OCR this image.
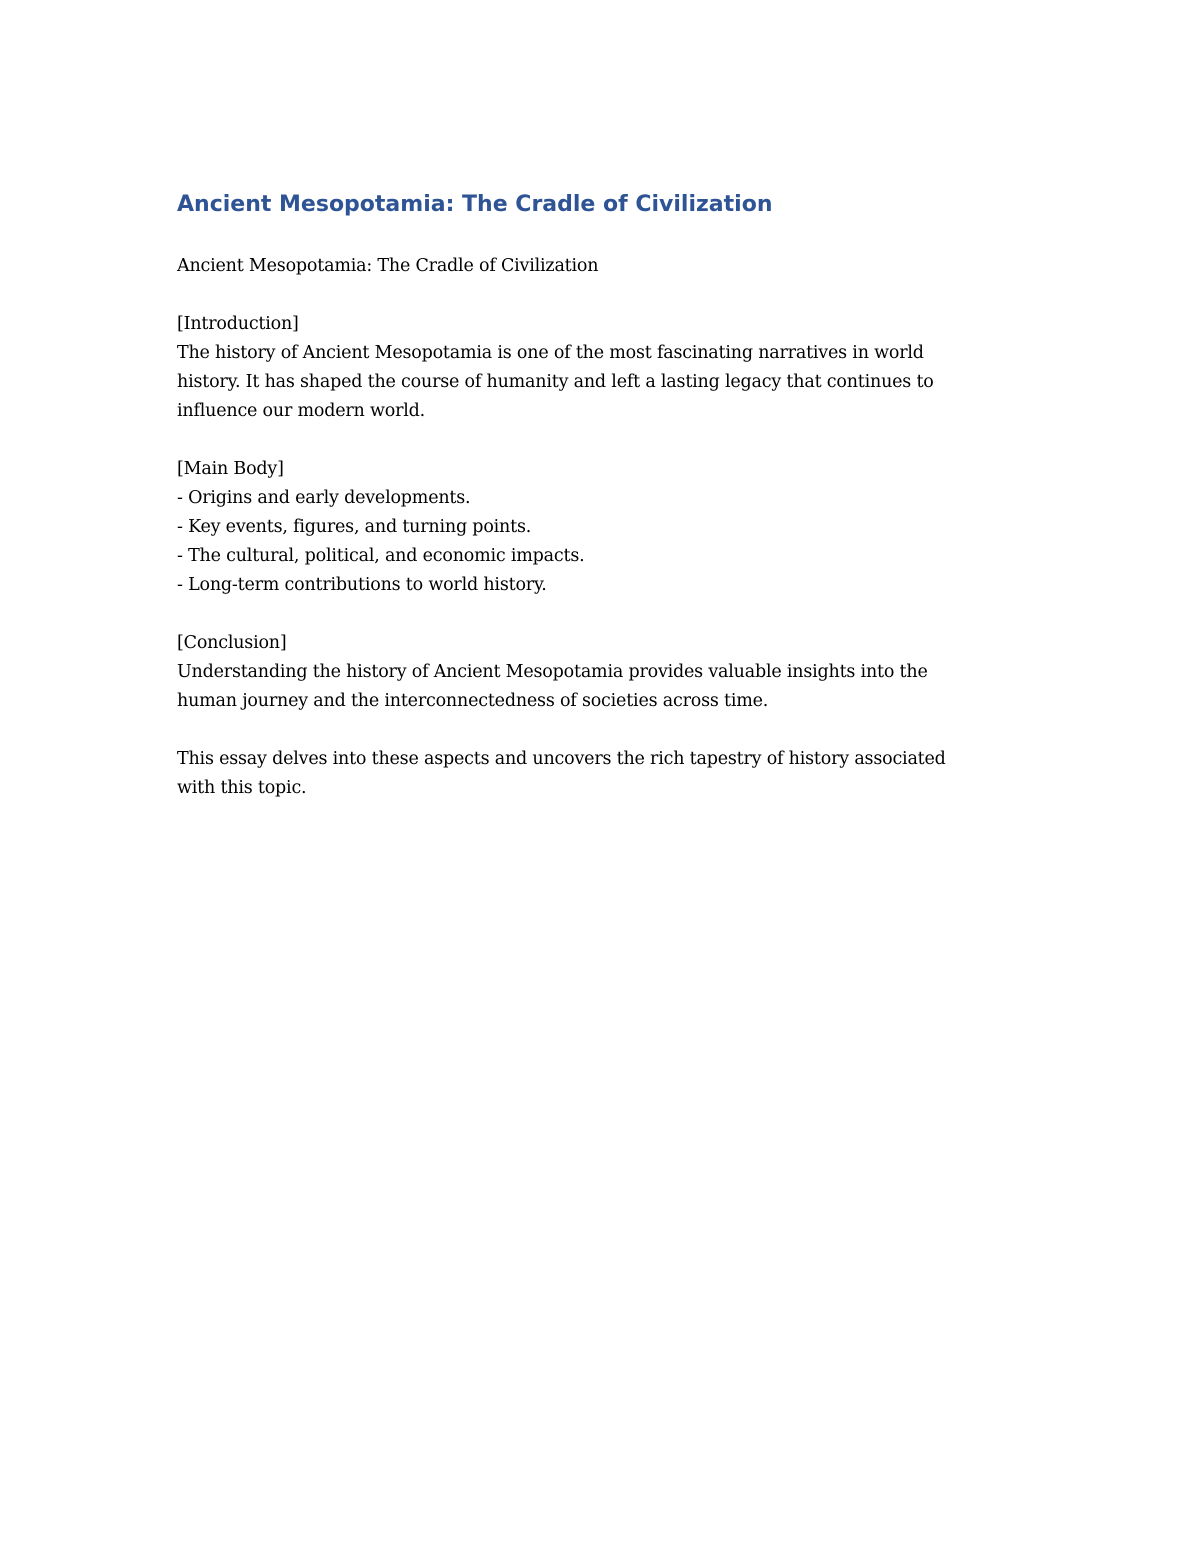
Ancient Mesopotamia: The Cradle of Civilization

Ancient Mesopotamia: The Cradle of Civilization

[Introduction]
The history of Ancient Mesopotamia is one of the most fascinating narratives in world
history. It has shaped the course of humanity and left a lasting legacy that continues to
influence our modern world.
[Main Body]
- Origins and early developments.
- Key events, figures, and turning points.
- The cultural, political, and economic impacts.
- Long-term contributions to world history.
[Conclusion]
Understanding the history of Ancient Mesopotamia provides valuable insights into the
human journey and the interconnectedness of societies across time.
This essay delves into these aspects and uncovers the rich tapestry of history associated
with this topic.
